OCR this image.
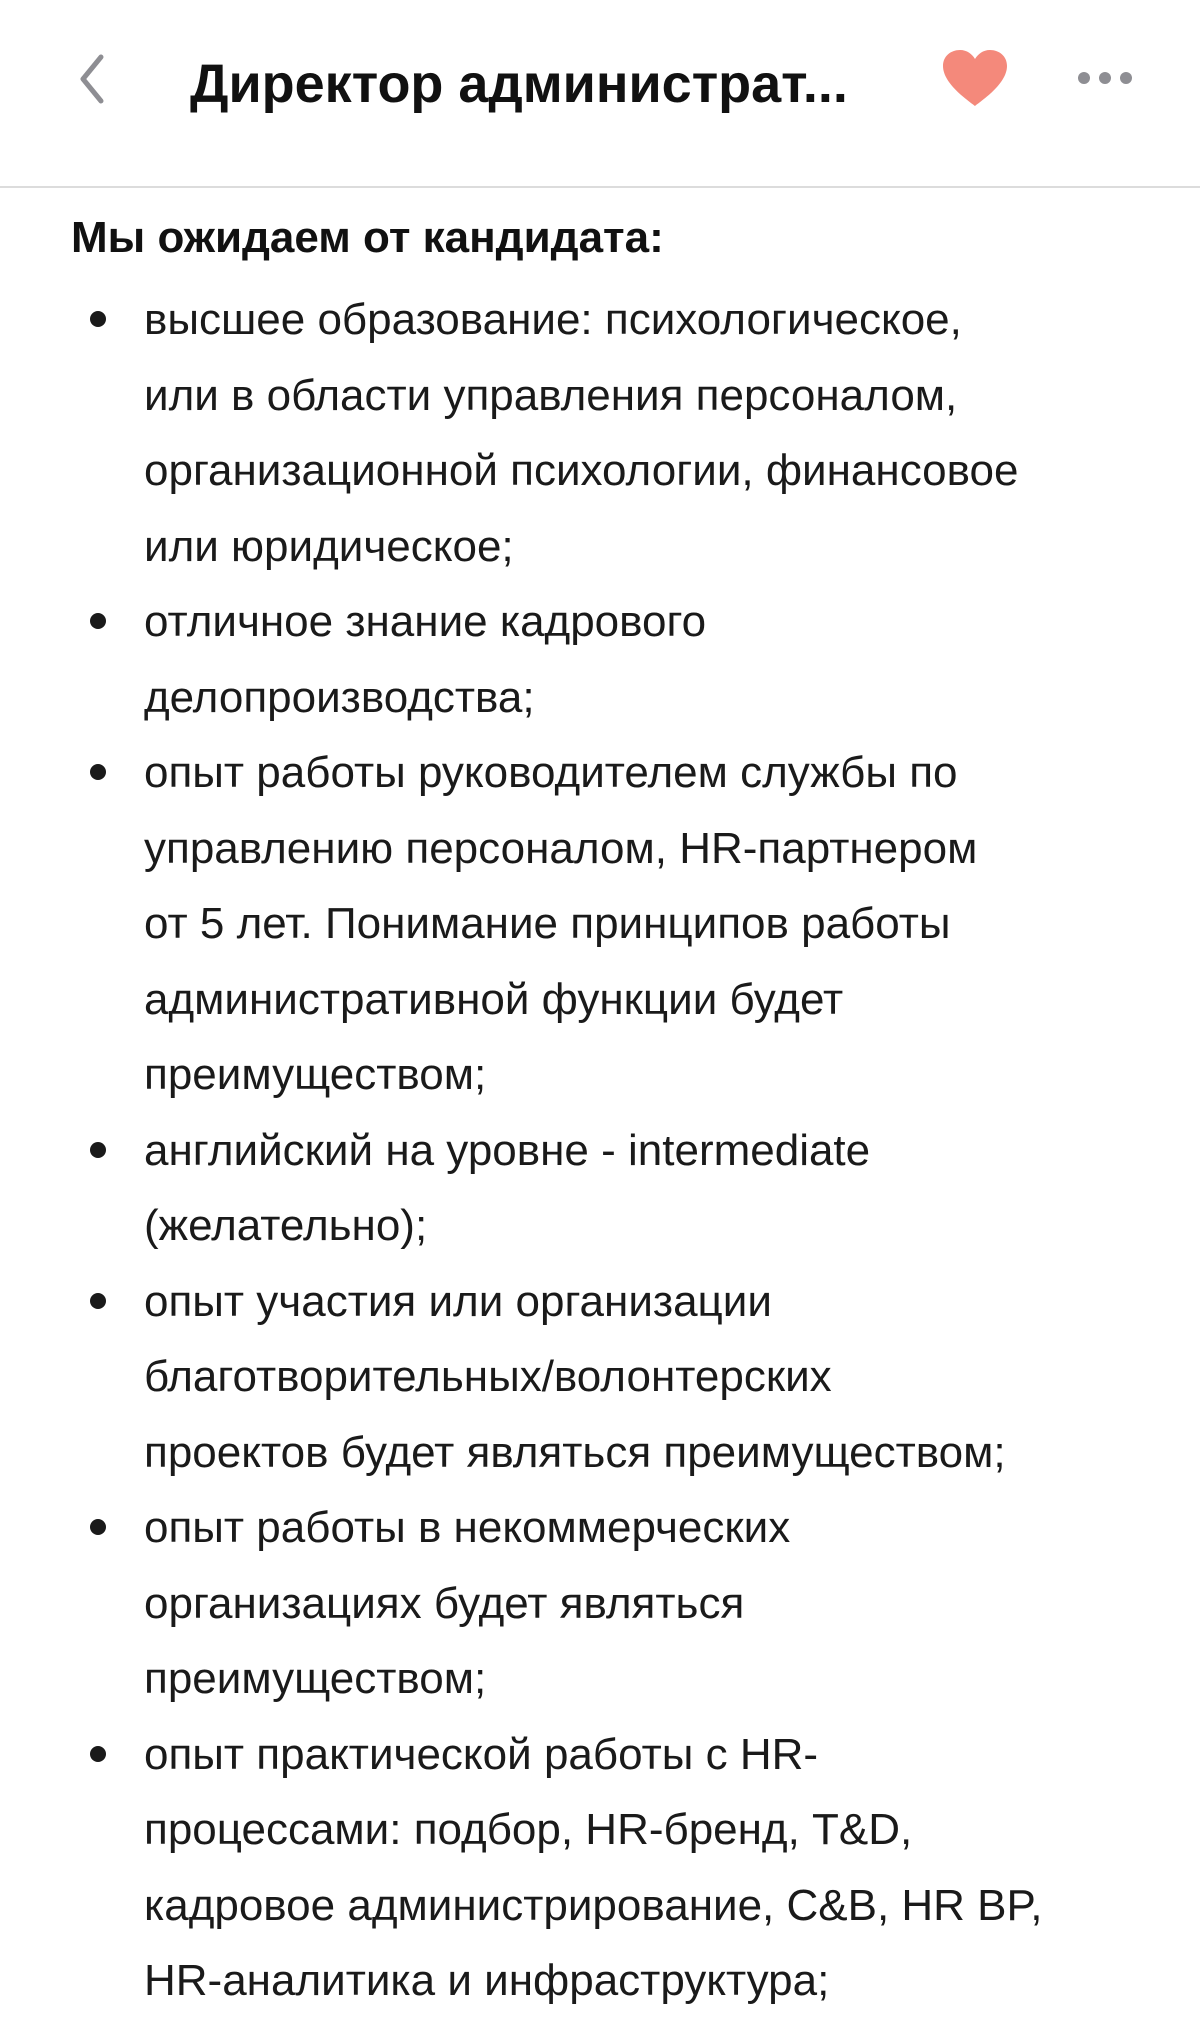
Директор администрат...
Мы ожидаем от кандидата:
высшее образование: психологическое,
или в области управления персоналом,
организационной психологии, финансовое
или юридическое;
отличное знание кадрового
делопроизводства;
опыт работы руководителем службы по
управлению персоналом, HR-партнером
от 5 лет. Понимание принципов работы
административной функции будет
преимуществом;
английский на уровне - intermediate
(желательно);
опыт участия или организации
благотворительных/волонтерских
проектов будет являться преимуществом;
опыт работы в некоммерческих
организациях будет являться
преимуществом;
опыт практической работы с HR-
процессами: подбор, HR-бренд, T&D,
кадровое администрирование, C&B, HR BP,
HR-аналитика и инфраструктура;
